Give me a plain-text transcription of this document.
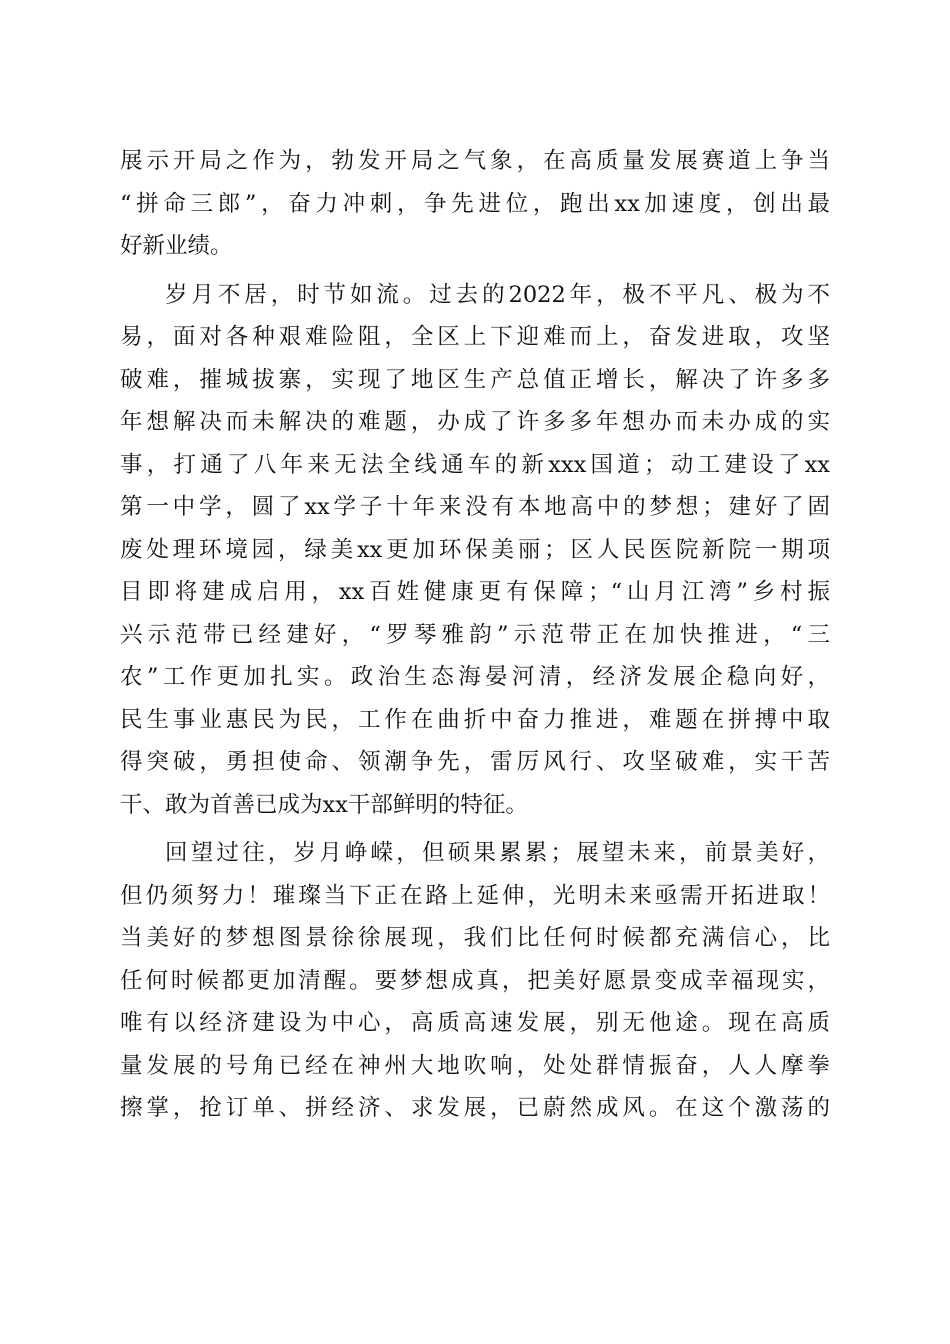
展示开局之作为，勃发开局之气象，在高质量发展赛道上争当
“拼命三郎”，奋力冲刺，争先进位，跑出xx加速度，创出最
好新业绩。
岁月不居，时节如流。过去的2022年，极不平凡、极为不
易，面对各种艰难险阻，全区上下迎难而上，奋发进取，攻坚
破难，摧城拔寨，实现了地区生产总值正增长，解决了许多多
年想解决而未解决的难题，办成了许多多年想办而未办成的实
事，打通了八年来无法全线通车的新xxx国道；动工建设了xx
第一中学，圆了xx学子十年来没有本地高中的梦想；建好了固
废处理环境园，绿美xx更加环保美丽；区人民医院新院一期项
目即将建成启用，xx百姓健康更有保障；“山月江湾”乡村振
兴示范带已经建好，“罗琴雅韵”示范带正在加快推进，“三
农”工作更加扎实。政治生态海晏河清，经济发展企稳向好，
民生事业惠民为民，工作在曲折中奋力推进，难题在拼搏中取
得突破，勇担使命、领潮争先，雷厉风行、攻坚破难，实干苦
干、敢为首善已成为xx干部鲜明的特征。
回望过往，岁月峥嵘，但硕果累累；展望未来，前景美好，
但仍须努力！璀璨当下正在路上延伸，光明未来亟需开拓进取！
当美好的梦想图景徐徐展现，我们比任何时候都充满信心，比
任何时候都更加清醒。要梦想成真，把美好愿景变成幸福现实，
唯有以经济建设为中心，高质高速发展，别无他途。现在高质
量发展的号角已经在神州大地吹响，处处群情振奋，人人摩拳
擦掌，抢订单、拼经济、求发展，已蔚然成风。在这个激荡的
